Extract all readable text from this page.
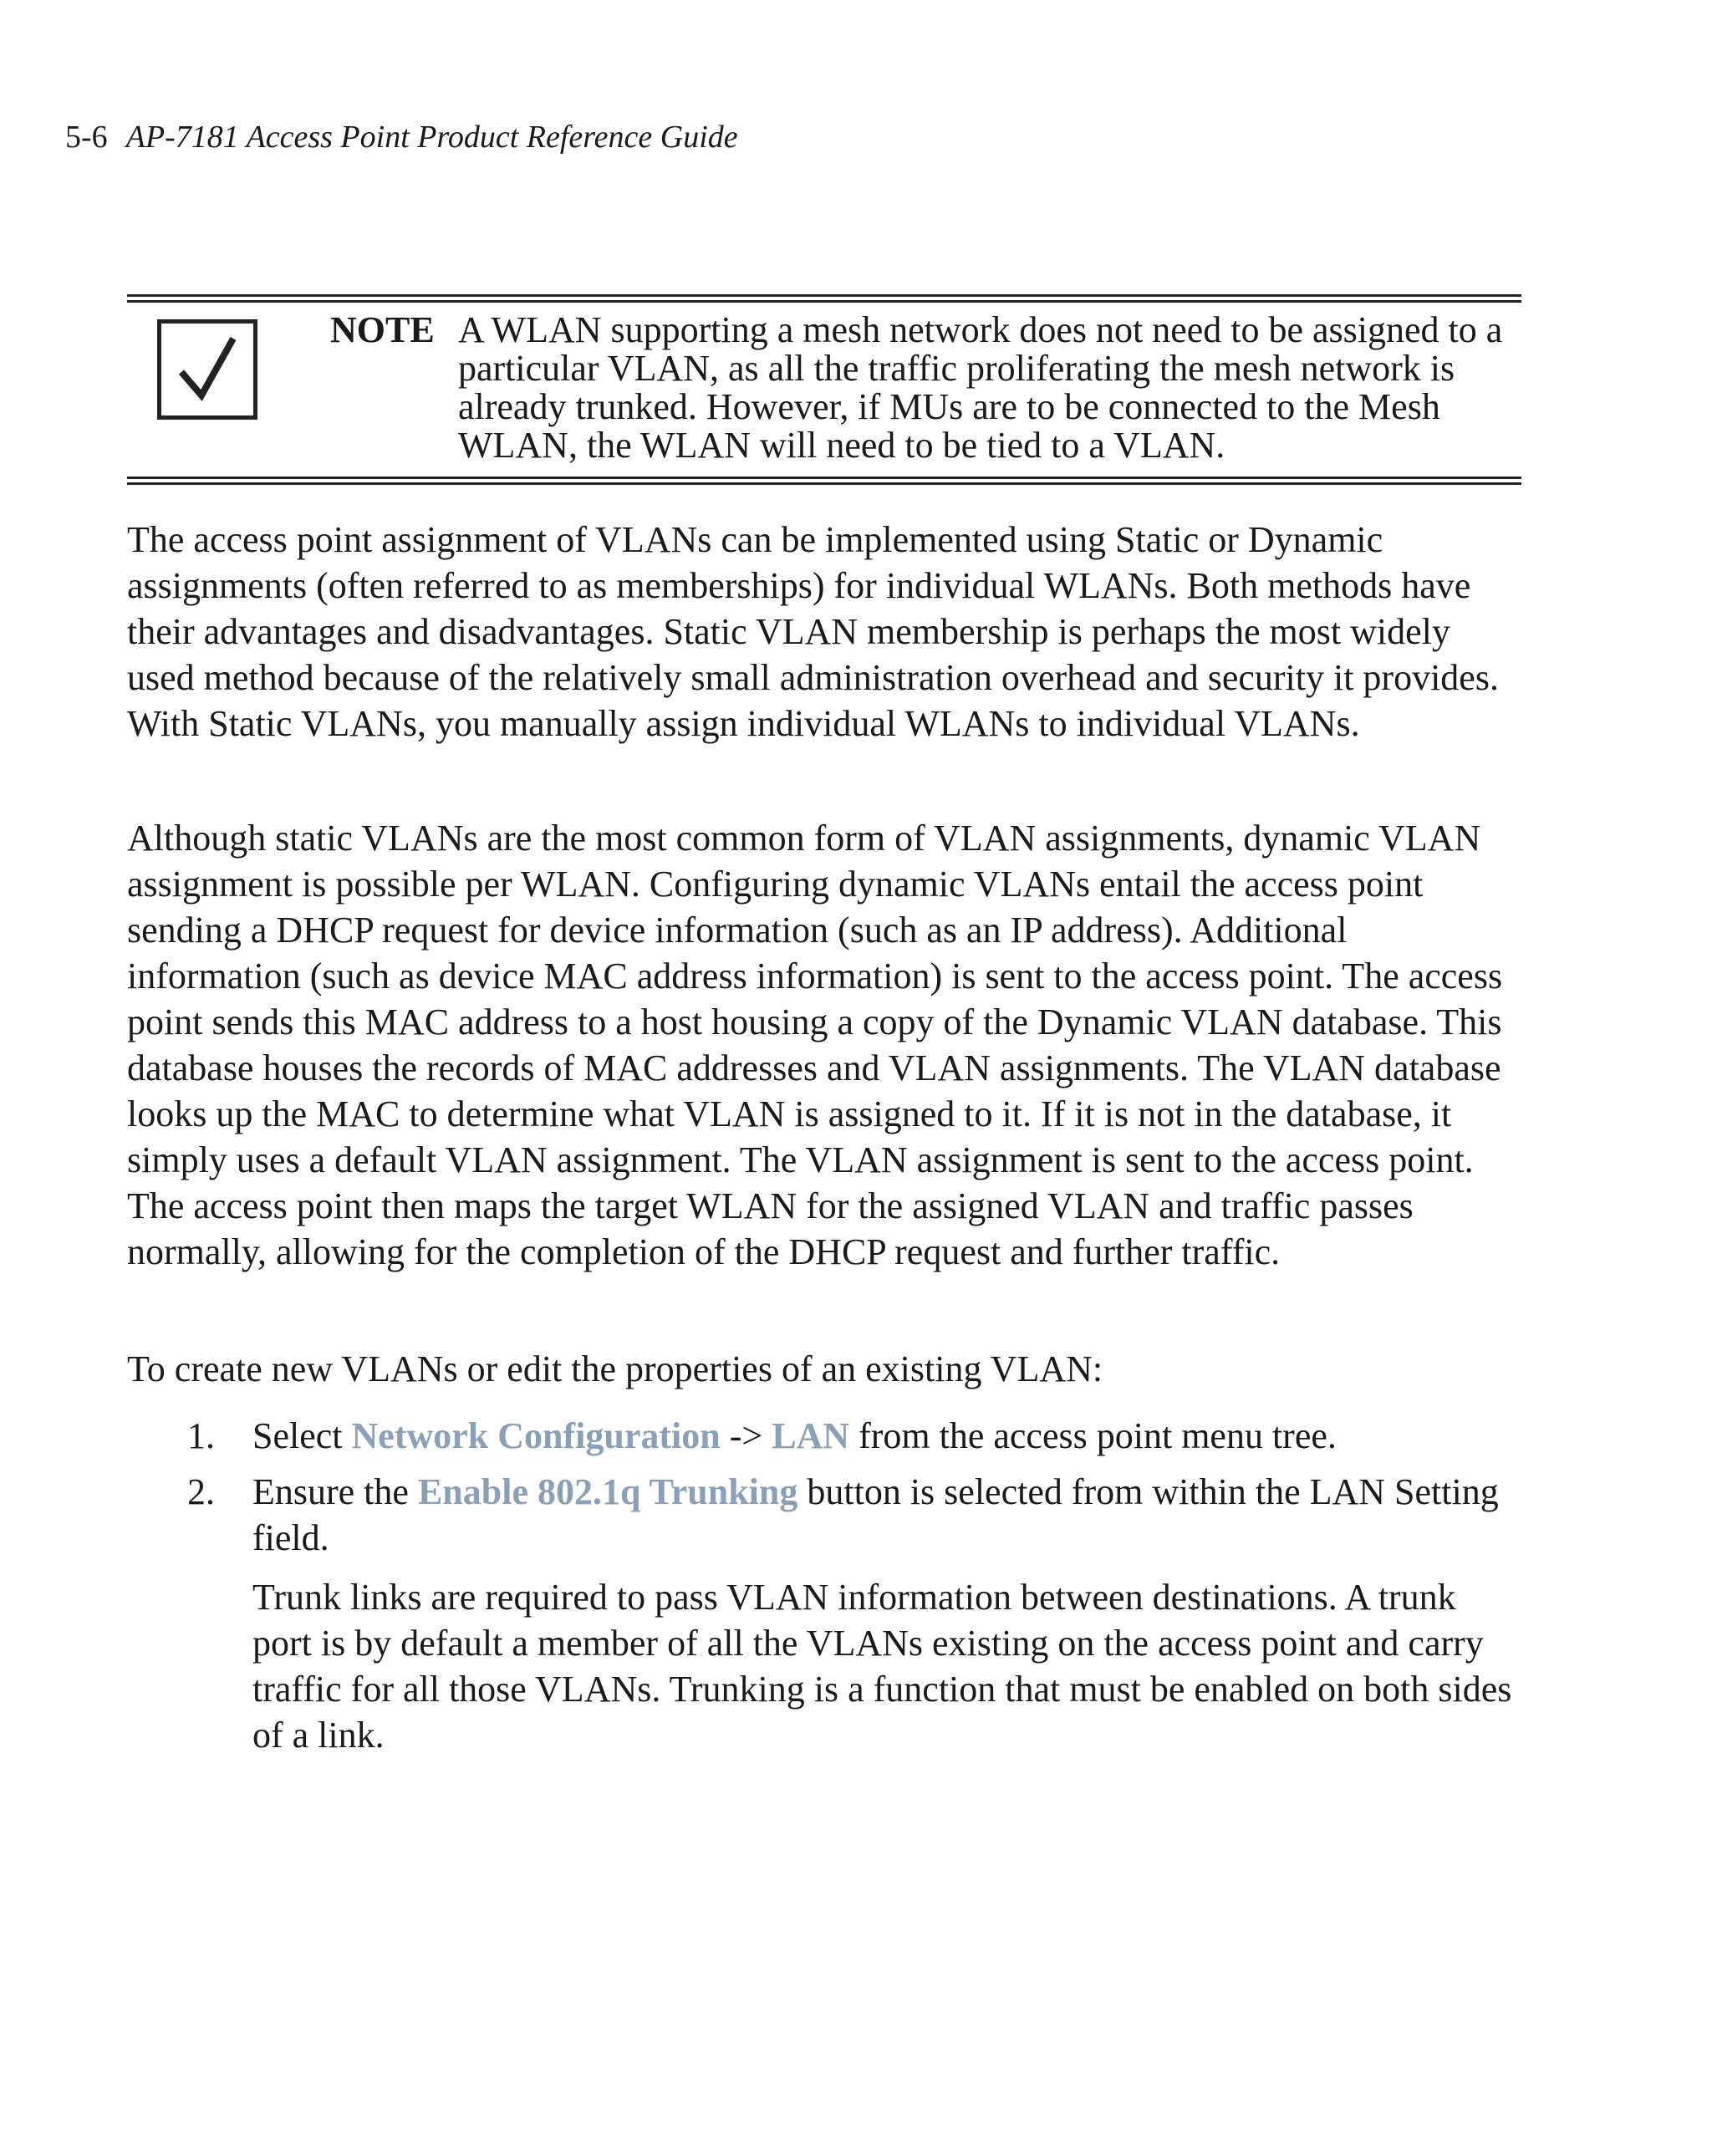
5-6 AP-7181 Access Point Product Reference Guide
NOTE A WLAN supporting a mesh network does not need to be assigned to a particular VLAN, as all the traffic proliferating the mesh network is already trunked. However, if MUs are to be connected to the Mesh WLAN, the WLAN will need to be tied to a VLAN.

The access point assignment of VLANs can be implemented using Static or Dynamic assignments (often referred to as memberships) for individual WLANs. Both methods have their advantages and disadvantages. Static VLAN membership is perhaps the most widely used method because of the relatively small administration overhead and security it provides. With Static VLANs, you manually assign individual WLANs to individual VLANs.

Although static VLANs are the most common form of VLAN assignments, dynamic VLAN assignment is possible per WLAN. Configuring dynamic VLANs entail the access point sending a DHCP request for device information (such as an IP address). Additional information (such as device MAC address information) is sent to the access point. The access point sends this MAC address to a host housing a copy of the Dynamic VLAN database. This database houses the records of MAC addresses and VLAN assignments. The VLAN database looks up the MAC to determine what VLAN is assigned to it. If it is not in the database, it simply uses a default VLAN assignment. The VLAN assignment is sent to the access point. The access point then maps the target WLAN for the assigned VLAN and traffic passes normally, allowing for the completion of the DHCP request and further traffic.

To create new VLANs or edit the properties of an existing VLAN:

1. Select Network Configuration -> LAN from the access point menu tree.
2. Ensure the Enable 802.1q Trunking button is selected from within the LAN Setting field.
Trunk links are required to pass VLAN information between destinations. A trunk port is by default a member of all the VLANs existing on the access point and carry traffic for all those VLANs. Trunking is a function that must be enabled on both sides of a link.
